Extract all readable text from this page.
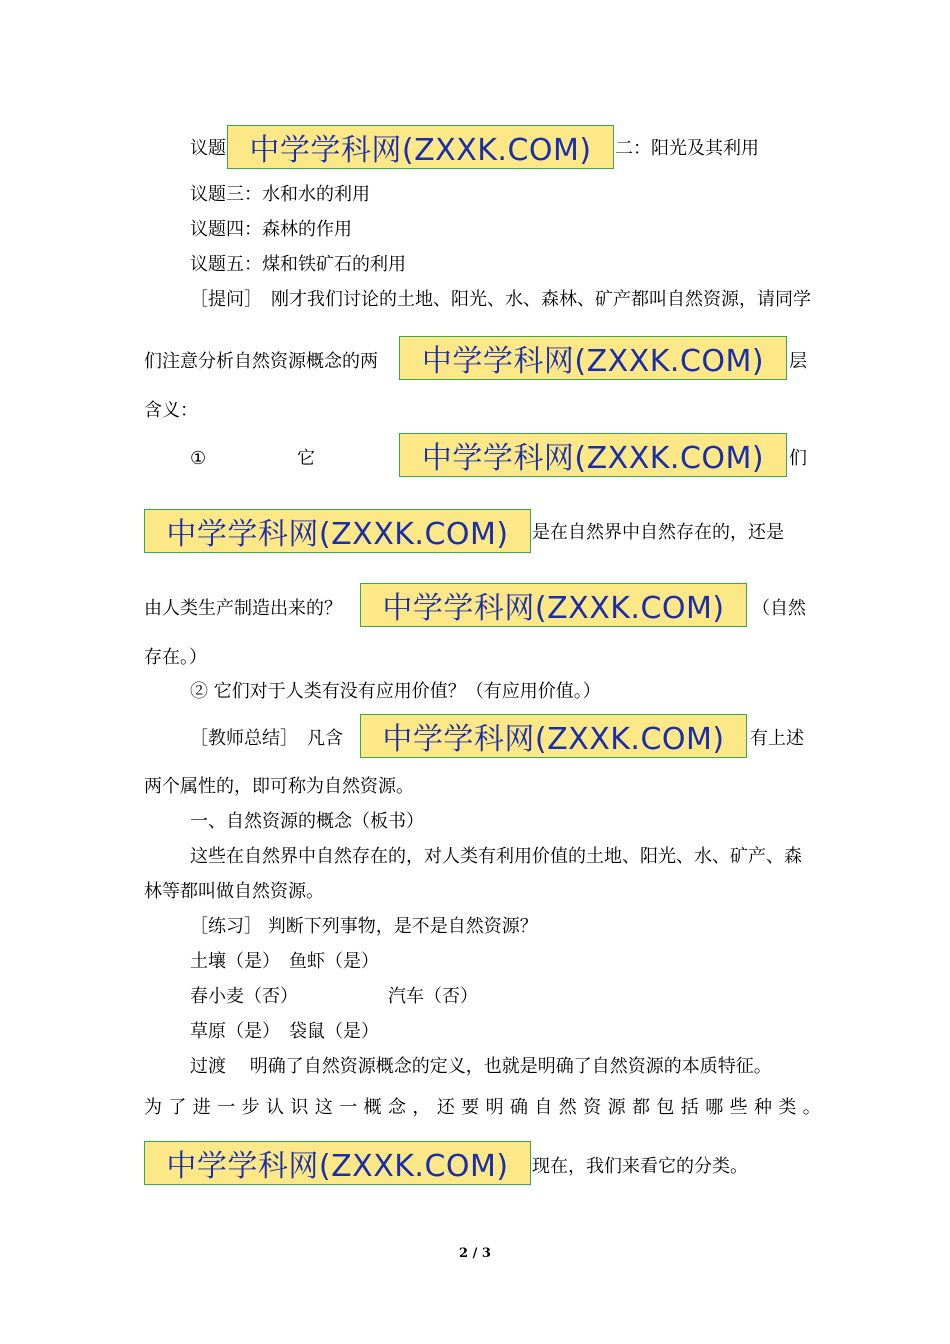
议题 中学学科网(ZXXK.COM)	二：阳光及其利用
议题三：水和水的利用
议题四：森林的作用
议题五：煤和铁矿石的利用
［提问］　刚才我们讨论的土地、阳光、水、森林、矿产都叫自然资源，请同学
们注意分析自然资源概念的两	中学学科网(ZXXK.COM)	层
含义：
①	它	中学学科网(ZXXK.COM)	们
中学学科网(ZXXK.COM)	是在自然界中自然存在的，还是
由人类生产制造出来的？	中学学科网(ZXXK.COM)	（自然
存在。）
② 它们对于人类有没有应用价值？（有应用价值。）
［教师总结］　凡含	中学学科网(ZXXK.COM)	有上述
两个属性的，即可称为自然资源。
一、自然资源的概念（板书）
这些在自然界中自然存在的，对人类有利用价值的土地、阳光、水、矿产、森
林等都叫做自然资源。
［练习］ 判断下列事物，是不是自然资源？
土壤（是）　鱼虾（是）
春小麦（否）	汽车（否）
草原（是）　袋鼠（是）
过渡　 明确了自然资源概念的定义，也就是明确了自然资源的本质特征。
为了进一步认识这一概念，还要明确自然资源都包括哪些种类。
中学学科网(ZXXK.COM)	现在，我们来看它的分类。
2 / 3
